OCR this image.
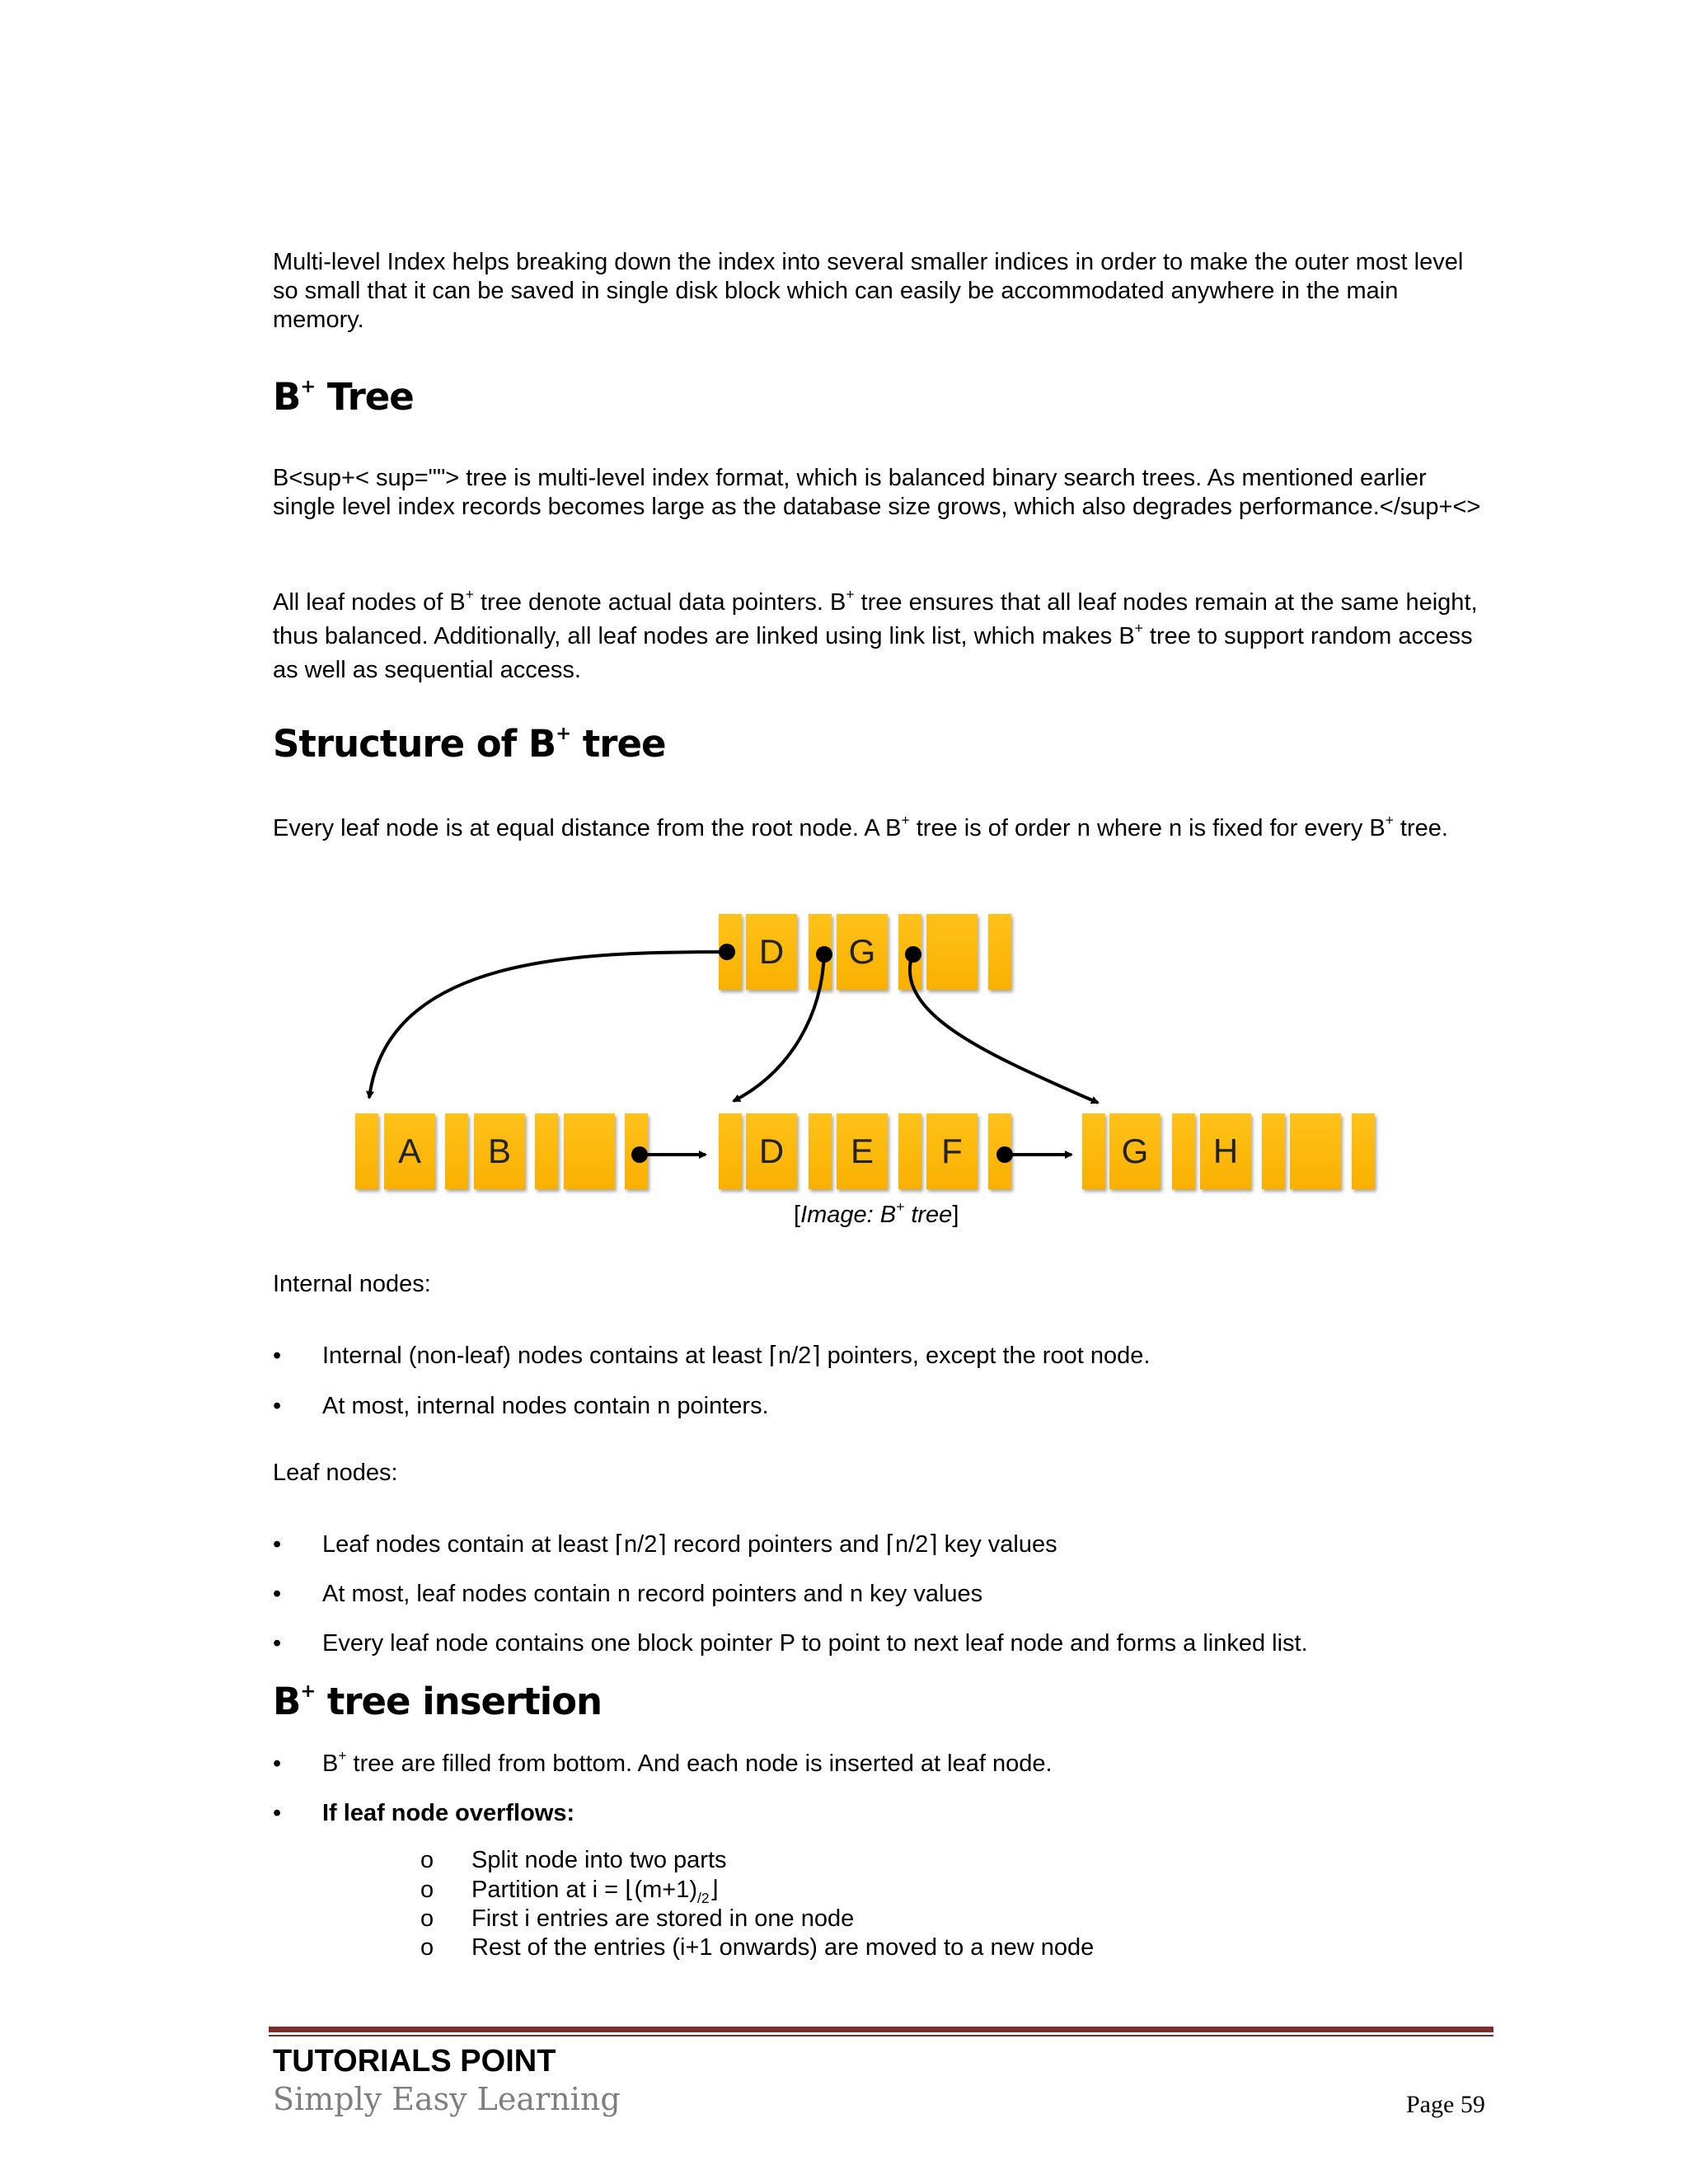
Multi-level Index helps breaking down the index into several smaller indices in order to make the outer most level so small that it can be saved in single disk block which can easily be accommodated anywhere in the main memory.
B+ Tree
B<sup+< sup=""> tree is multi-level index format, which is balanced binary search trees. As mentioned earlier single level index records becomes large as the database size grows, which also degrades performance.</sup+<>
All leaf nodes of B+ tree denote actual data pointers. B+ tree ensures that all leaf nodes remain at the same height, thus balanced. Additionally, all leaf nodes are linked using link list, which makes B+ tree to support random access as well as sequential access.
Structure of B+ tree
Every leaf node is at equal distance from the root node. A B+ tree is of order n where n is fixed for every B+ tree.
D	G
A	B	D	E	F	G	H
[Image: B+ tree]
Internal nodes:
• Internal (non-leaf) nodes contains at least ⌈n/2⌉ pointers, except the root node.
• At most, internal nodes contain n pointers.
Leaf nodes:
• Leaf nodes contain at least ⌈n/2⌉ record pointers and ⌈n/2⌉ key values
• At most, leaf nodes contain n record pointers and n key values
• Every leaf node contains one block pointer P to point to next leaf node and forms a linked list.
B+ tree insertion
• B+ tree are filled from bottom. And each node is inserted at leaf node.
• If leaf node overflows:
o Split node into two parts
o Partition at $i = ⌊(m+1)_{/2}⌋$
o First i entries are stored in one node
o Rest of the entries (i+1 onwards) are moved to a new node
TUTORIALS POINT
Simply Easy Learning	Page 59
